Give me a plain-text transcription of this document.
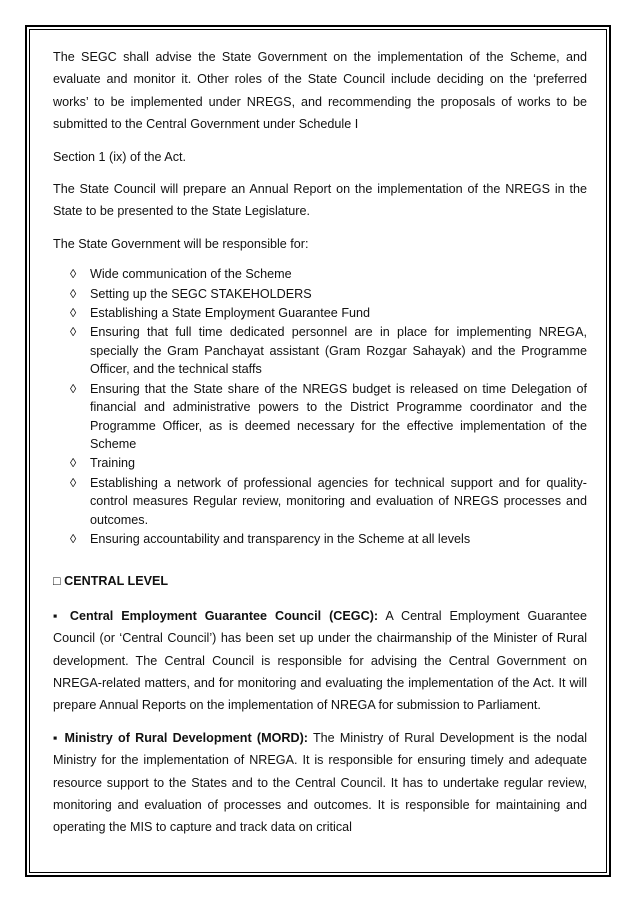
The SEGC shall advise the State Government on the implementation of the Scheme, and evaluate and monitor it. Other roles of the State Council include deciding on the ‘preferred works’ to be implemented under NREGS, and recommending the proposals of works to be submitted to the Central Government under Schedule I

Section 1 (ix) of the Act.

The State Council will prepare an Annual Report on the implementation of the NREGS in the State to be presented to the State Legislature.

The State Government will be responsible for:

◊ Wide communication of the Scheme
◊ Setting up the SEGC STAKEHOLDERS
◊ Establishing a State Employment Guarantee Fund
◊ Ensuring that full time dedicated personnel are in place for implementing NREGA, specially the Gram Panchayat assistant (Gram Rozgar Sahayak) and the Programme Officer, and the technical staffs
◊ Ensuring that the State share of the NREGS budget is released on time Delegation of financial and administrative powers to the District Programme coordinator and the Programme Officer, as is deemed necessary for the effective implementation of the Scheme
◊ Training
◊ Establishing a network of professional agencies for technical support and for quality-control measures Regular review, monitoring and evaluation of NREGS processes and outcomes.
◊ Ensuring accountability and transparency in the Scheme at all levels
□ CENTRAL LEVEL

▪ Central Employment Guarantee Council (CEGC): A Central Employment Guarantee Council (or ‘Central Council’) has been set up under the chairmanship of the Minister of Rural development. The Central Council is responsible for advising the Central Government on NREGA-related matters, and for monitoring and evaluating the implementation of the Act. It will prepare Annual Reports on the implementation of NREGA for submission to Parliament.

▪ Ministry of Rural Development (MORD): The Ministry of Rural Development is the nodal Ministry for the implementation of NREGA. It is responsible for ensuring timely and adequate resource support to the States and to the Central Council. It has to undertake regular review, monitoring and evaluation of processes and outcomes. It is responsible for maintaining and operating the MIS to capture and track data on critical
